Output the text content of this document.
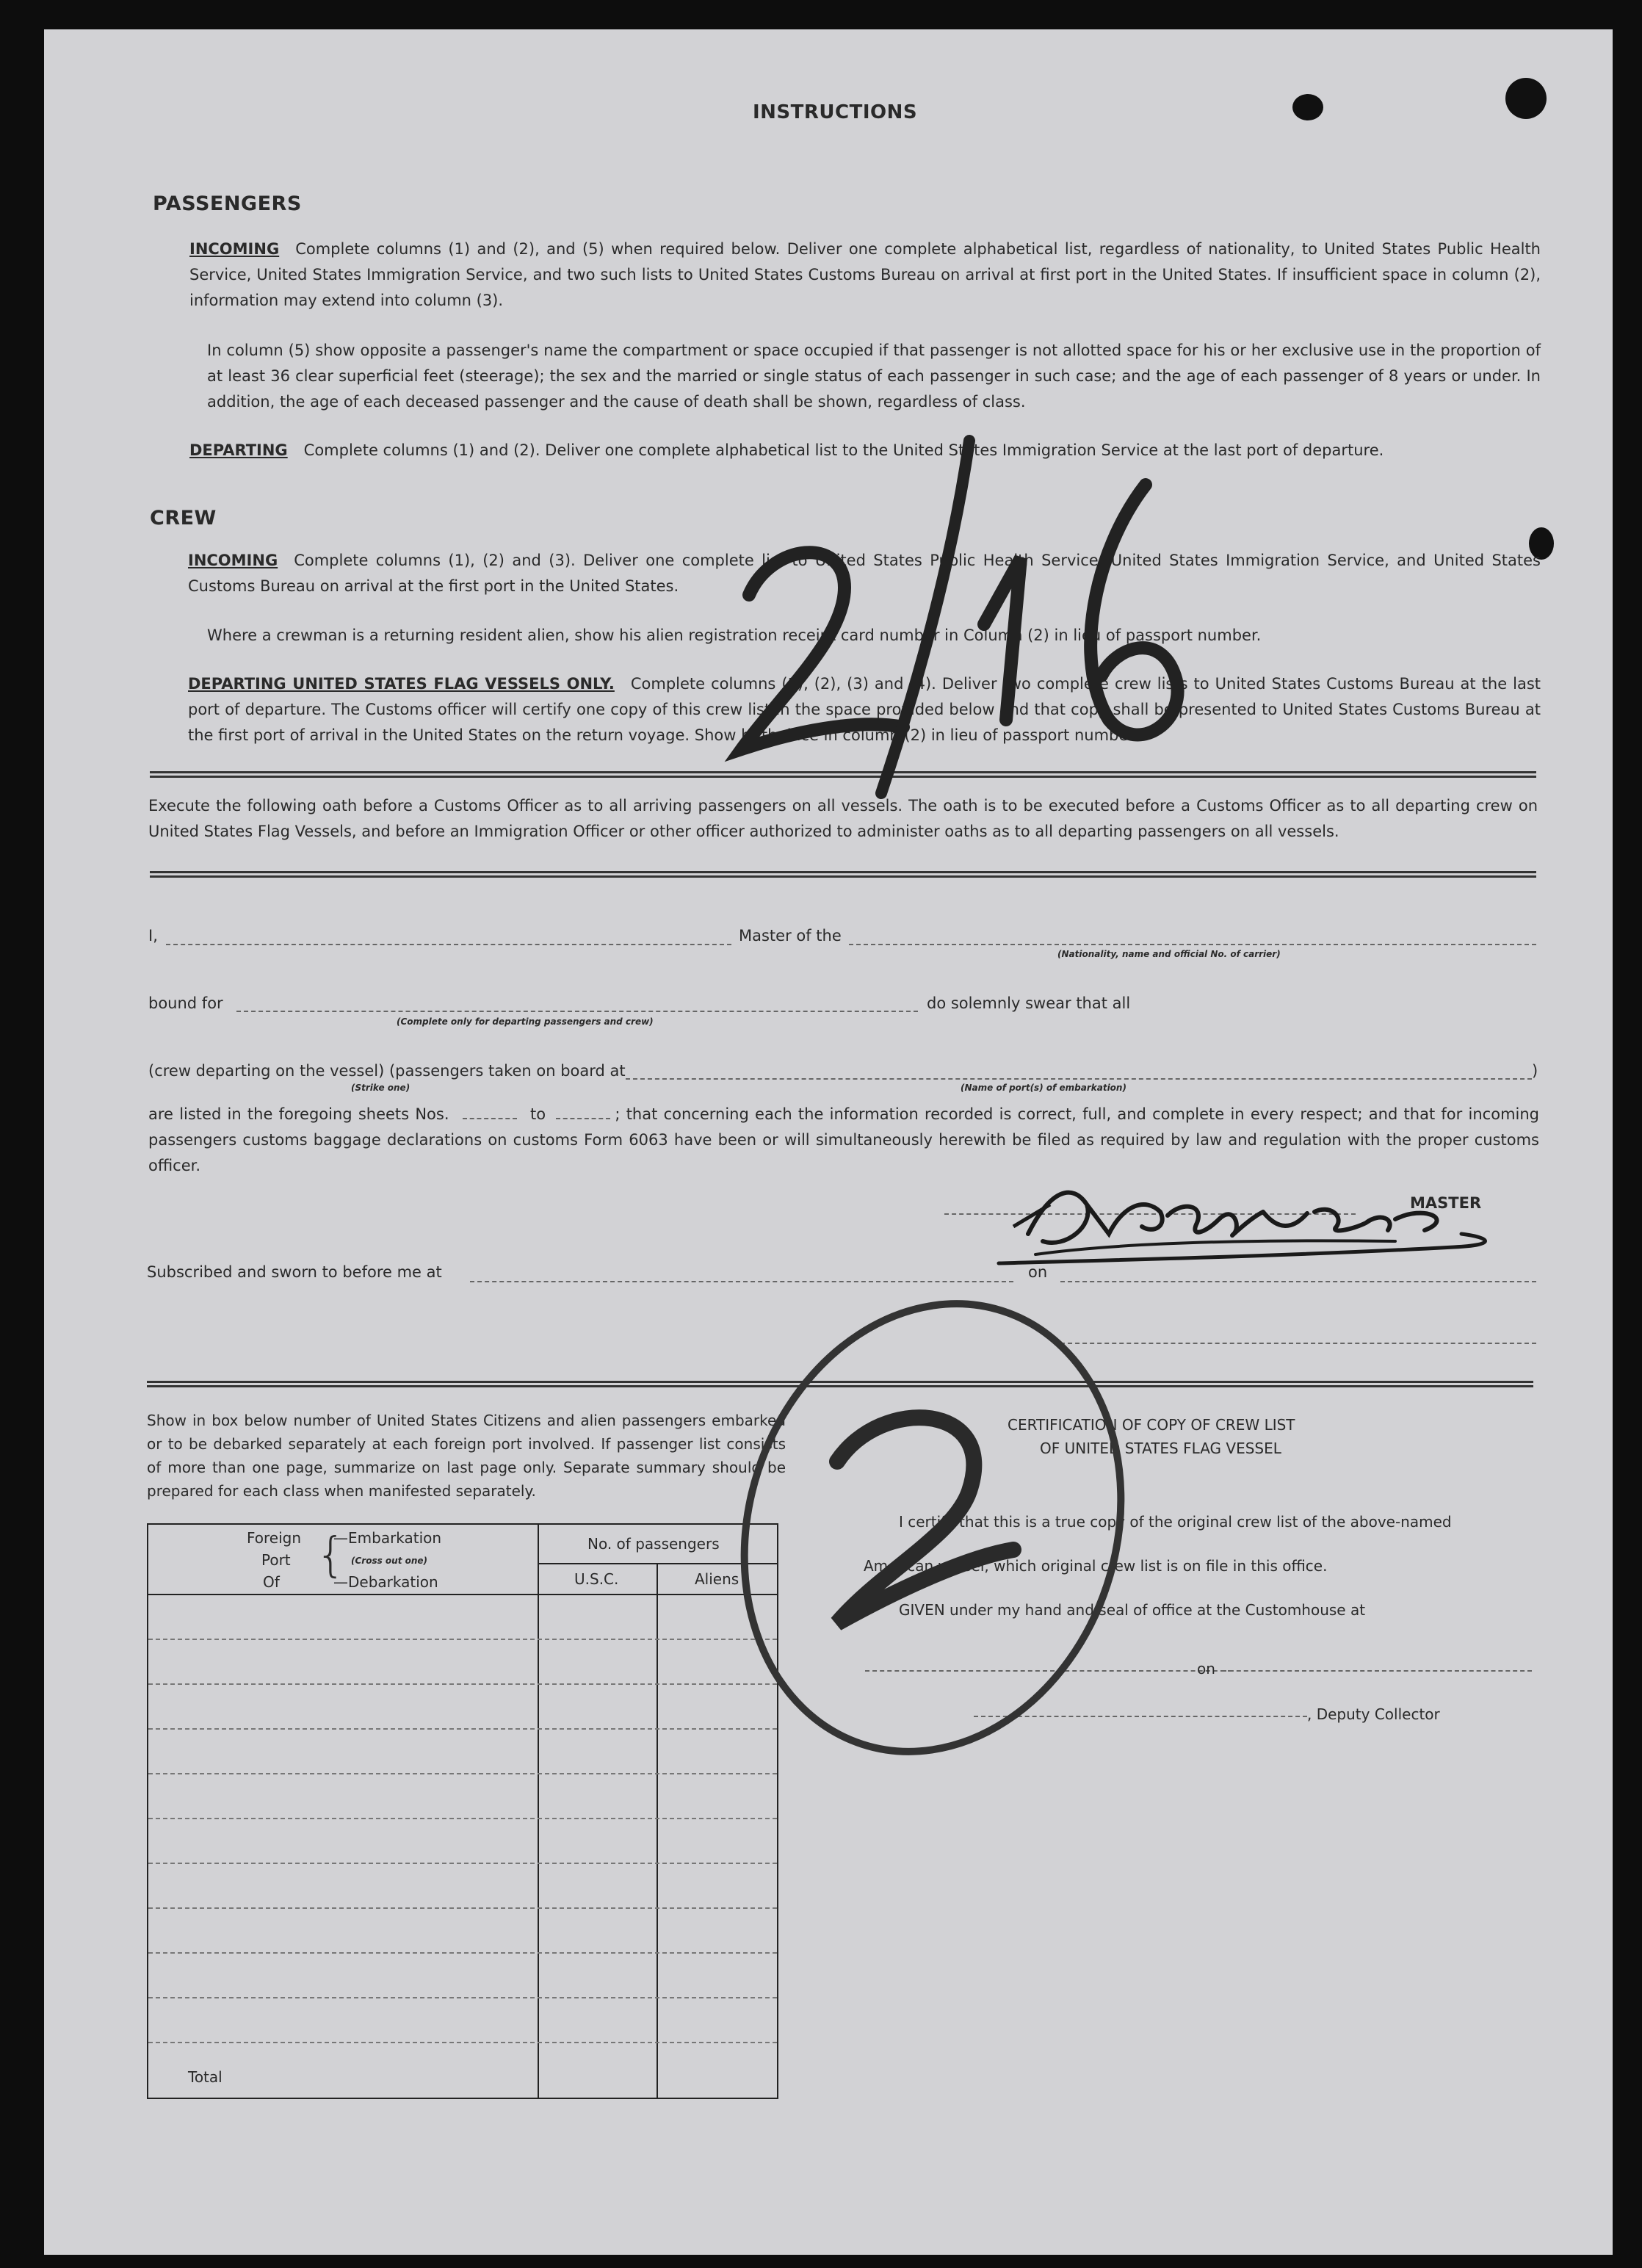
INSTRUCTIONS
PASSENGERS
INCOMING Complete columns (1) and (2), and (5) when required below. Deliver one complete alphabetical list, regardless of nationality, to United States Public Health Service, United States Immigration Service, and two such lists to United States Customs Bureau on arrival at first port in the United States. If insufficient space in column (2), information may extend into column (3).
In column (5) show opposite a passenger's name the compartment or space occupied if that passenger is not allotted space for his or her exclusive use in the proportion of at least 36 clear superficial feet (steerage); the sex and the married or single status of each passenger in such case; and the age of each passenger of 8 years or under. In addition, the age of each deceased passenger and the cause of death shall be shown, regardless of class.
DEPARTING Complete columns (1) and (2). Deliver one complete alphabetical list to the United States Immigration Service at the last port of departure.
CREW
INCOMING Complete columns (1), (2) and (3). Deliver one complete list to United States Public Health Service, United States Immigration Service, and United States Customs Bureau on arrival at the first port in the United States.
Where a crewman is a returning resident alien, show his alien registration receipt card number in Column (2) in lieu of passport number.
DEPARTING UNITED STATES FLAG VESSELS ONLY. Complete columns (1), (2), (3) and (4). Deliver two complete crew lists to United States Customs Bureau at the last port of departure. The Customs officer will certify one copy of this crew list in the space provided below and that copy shall be presented to United States Customs Bureau at the first port of arrival in the United States on the return voyage. Show birthplace in column (2) in lieu of passport number.
Execute the following oath before a Customs Officer as to all arriving passengers on all vessels. The oath is to be executed before a Customs Officer as to all departing crew on United States Flag Vessels, and before an Immigration Officer or other officer authorized to administer oaths as to all departing passengers on all vessels.
I,	Master of the
(Nationality, name and official No. of carrier)
bound for
(Complete only for departing passengers and crew)
do solemnly swear that all
(crew departing on the vessel) (passengers taken on board at
(Strike one)	(Name of port(s) of embarkation)
)
are listed in the foregoing sheets Nos.	to	; that concerning each the information recorded is correct, full, and complete in every respect; and that for incoming passengers customs baggage declarations on customs Form 6063 have been or will simultaneously herewith be filed as required by law and regulation with the proper customs officer.
MASTER
Subscribed and sworn to before me at	on
Show in box below number of United States Citizens and alien passengers embarked or to be debarked separately at each foreign port involved. If passenger list consists of more than one page, summarize on last page only. Separate summary should be prepared for each class when manifested separately.
Foreign
Port
Of {
—Embarkation
(Cross out one)
—Debarkation
No. of passengers
U.S.C.	Aliens
Total
CERTIFICATION OF COPY OF CREW LIST
OF UNITED STATES FLAG VESSEL
I certify that this is a true copy of the original crew list of the above-named
American vessel, which original crew list is on file in this office.
GIVEN under my hand and seal of office at the Customhouse at
on
, Deputy Collector
